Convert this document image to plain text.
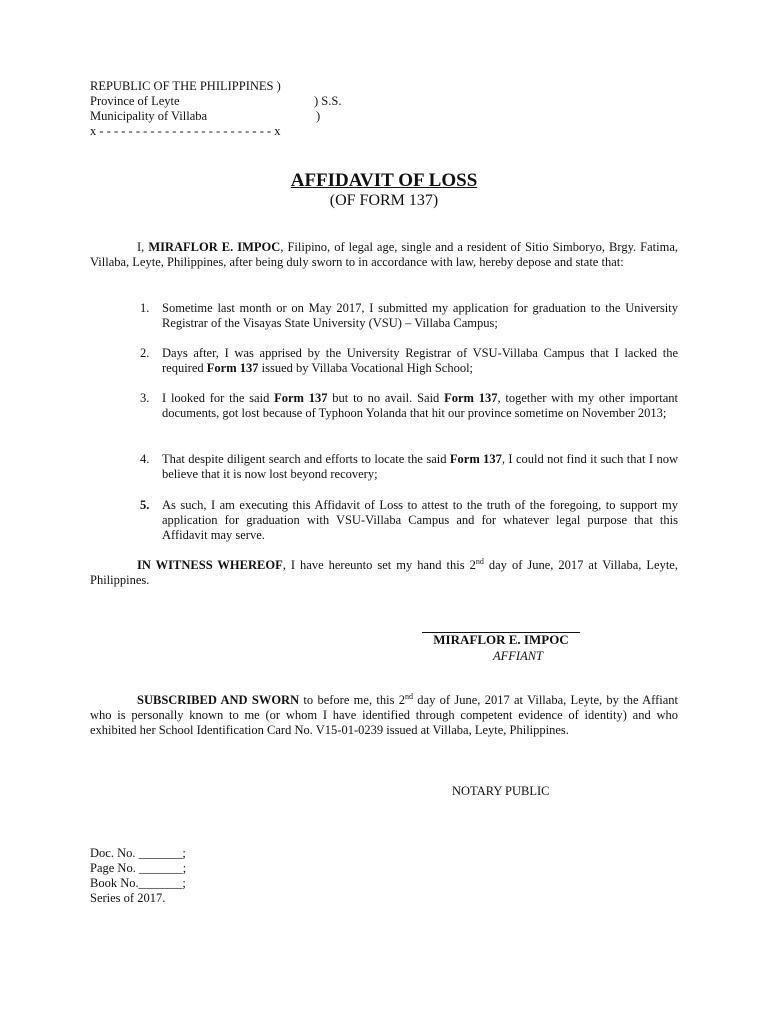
REPUBLIC OF THE PHILIPPINES )
Province of Leyte	) S.S.
Municipality of Villaba	)
x - - - - - - - - - - - - - - - - - - - - - - - - x
AFFIDAVIT OF LOSS
(OF FORM 137)
I, MIRAFLOR E. IMPOC, Filipino, of legal age, single and a resident of Sitio Simboryo, Brgy. Fatima, Villaba, Leyte, Philippines, after being duly sworn to in accordance with law, hereby depose and state that:
1.	Sometime last month or on May 2017, I submitted my application for graduation to the University Registrar of the Visayas State University (VSU) – Villaba Campus;
2.	Days after, I was apprised by the University Registrar of VSU-Villaba Campus that I lacked the required Form 137 issued by Villaba Vocational High School;
3.	I looked for the said Form 137 but to no avail. Said Form 137, together with my other important documents, got lost because of Typhoon Yolanda that hit our province sometime on November 2013;
4.	That despite diligent search and efforts to locate the said Form 137, I could not find it such that I now believe that it is now lost beyond recovery;
5.	As such, I am executing this Affidavit of Loss to attest to the truth of the foregoing, to support my application for graduation with VSU-Villaba Campus and for whatever legal purpose that this Affidavit may serve.
IN WITNESS WHEREOF, I have hereunto set my hand this 2nd day of June, 2017 at Villaba, Leyte, Philippines.
MIRAFLOR E. IMPOC
AFFIANT
SUBSCRIBED AND SWORN to before me, this 2nd day of June, 2017 at Villaba, Leyte, by the Affiant who is personally known to me (or whom I have identified through competent evidence of identity) and who exhibited her School Identification Card No. V15-01-0239 issued at Villaba, Leyte, Philippines.
NOTARY PUBLIC
Doc. No. _______;
Page No. _______;
Book No._______;
Series of 2017.
